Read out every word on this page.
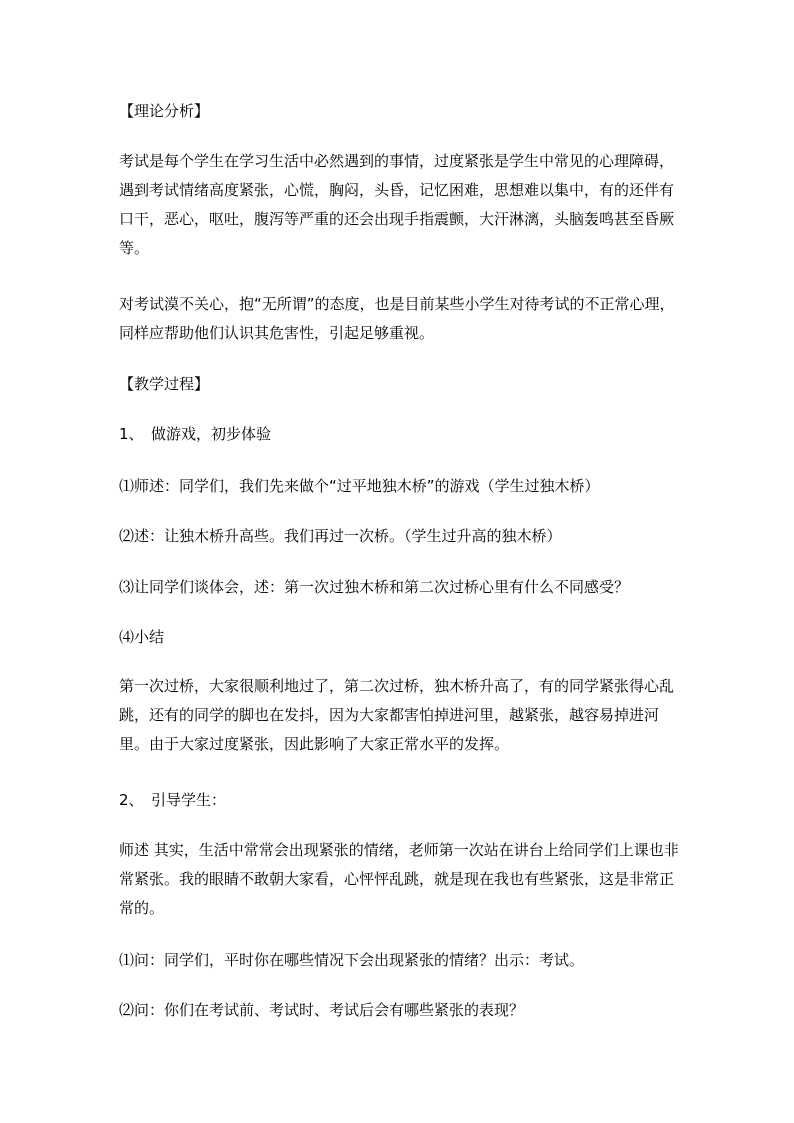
【理论分析】

考试是每个学生在学习生活中必然遇到的事情，过度紧张是学生中常见的心理障碍，遇到考试情绪高度紧张，心慌，胸闷，头昏，记忆困难，思想难以集中，有的还伴有口干，恶心，呕吐，腹泻等严重的还会出现手指震颤，大汗淋漓，头脑轰鸣甚至昏厥等。

对考试漠不关心，抱“无所谓”的态度，也是目前某些小学生对待考试的不正常心理，同样应帮助他们认识其危害性，引起足够重视。

【教学过程】

1、　做游戏，初步体验

⑴师述：同学们，我们先来做个“过平地独木桥”的游戏（学生过独木桥）

⑵述：让独木桥升高些。我们再过一次桥。（学生过升高的独木桥）

⑶让同学们谈体会，述：第一次过独木桥和第二次过桥心里有什么不同感受？

⑷小结

第一次过桥，大家很顺利地过了，第二次过桥，独木桥升高了，有的同学紧张得心乱跳，还有的同学的脚也在发抖，因为大家都害怕掉进河里，越紧张，越容易掉进河里。由于大家过度紧张，因此影响了大家正常水平的发挥。

2、　引导学生：

师述 其实，生活中常常会出现紧张的情绪，老师第一次站在讲台上给同学们上课也非常紧张。我的眼睛不敢朝大家看，心怦怦乱跳，就是现在我也有些紧张，这是非常正常的。

⑴问：同学们，平时你在哪些情况下会出现紧张的情绪？出示：考试。

⑵问：你们在考试前、考试时、考试后会有哪些紧张的表现？
